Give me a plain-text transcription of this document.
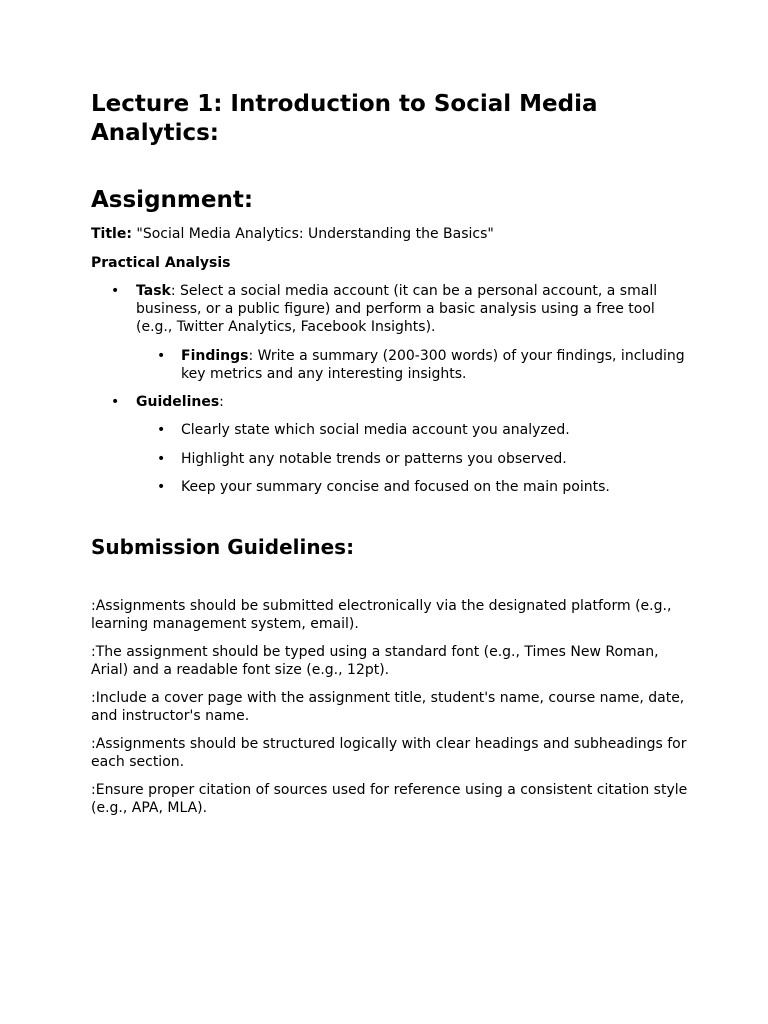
Lecture 1: Introduction to Social Media Analytics:
Assignment:

Title: "Social Media Analytics: Understanding the Basics"

Practical Analysis

• Task: Select a social media account (it can be a personal account, a small business, or a public figure) and perform a basic analysis using a free tool (e.g., Twitter Analytics, Facebook Insights).
• Findings: Write a summary (200-300 words) of your findings, including key metrics and any interesting insights.
• Guidelines:
• Clearly state which social media account you analyzed.
• Highlight any notable trends or patterns you observed.
• Keep your summary concise and focused on the main points.
Submission Guidelines:

:Assignments should be submitted electronically via the designated platform (e.g., learning management system, email).

:The assignment should be typed using a standard font (e.g., Times New Roman, Arial) and a readable font size (e.g., 12pt).

:Include a cover page with the assignment title, student's name, course name, date, and instructor's name.

:Assignments should be structured logically with clear headings and subheadings for each section.

:Ensure proper citation of sources used for reference using a consistent citation style (e.g., APA, MLA).
